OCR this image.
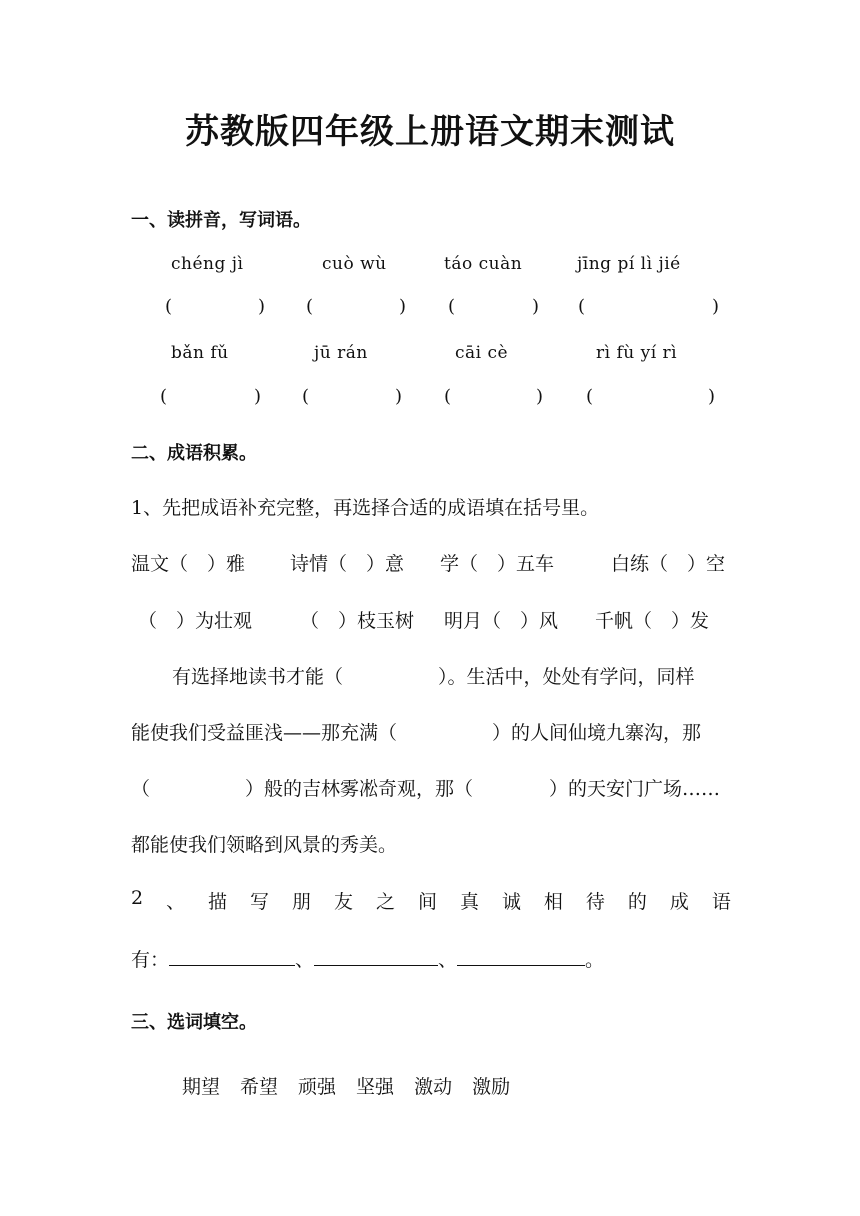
苏教版四年级上册语文期末测试
一、读拼音，写词语。
chéng jì	cuò wù	táo cuàn	jīng pí lì jié
(	) (	) (	) (	)
bǎn fǔ	jū rán	cāi cè	rì fù yí rì
(	) (	) (	) (	)
二、成语积累。
1、先把成语补充完整，再选择合适的成语填在括号里。
温文（　）雅 诗情（　）意 学（　）五车	白练（　）空
（　）为壮观	（　）枝玉树 明月（　）风 千帆（　）发
有选择地读书才能（　　　　　）。生活中，处处有学问，同样
能使我们受益匪浅——那充满（　　　　　）的人间仙境九寨沟，那
（　　　　　）般的吉林雾凇奇观，那（　　　　）的天安门广场……
都能使我们领略到风景的秀美。
2 、 描 写 朋 友 之 间 真 诚 相 待 的 成 语
有：	、	、	。
三、选词填空。
期望 希望 顽强 坚强 激动 激励
